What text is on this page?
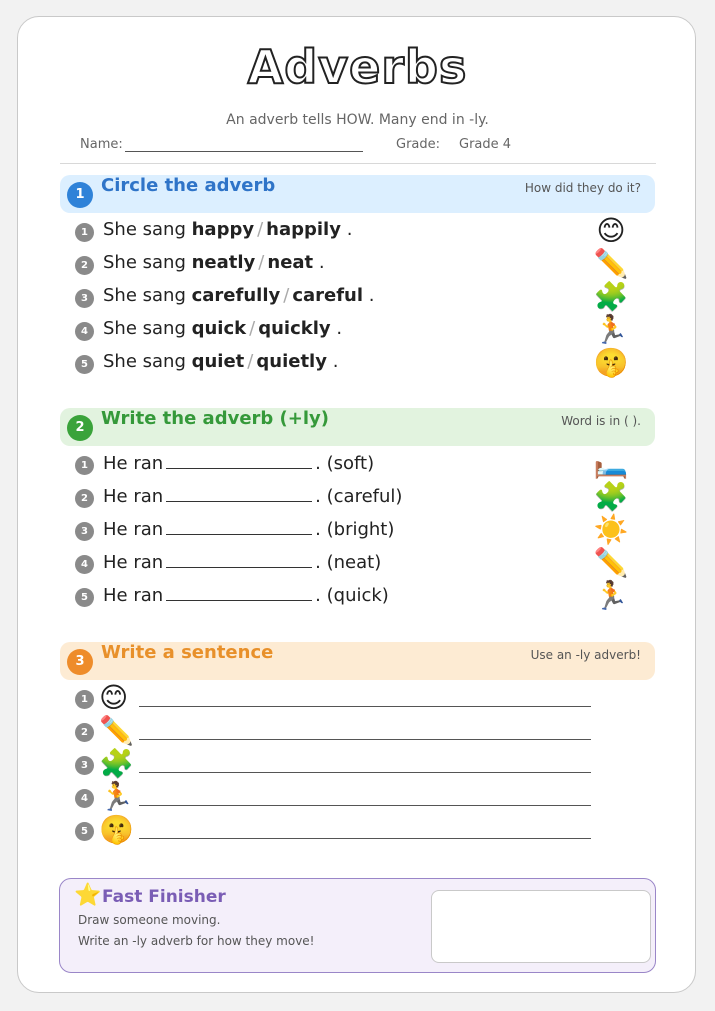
Adverbs
An adverb tells HOW. Many end in -ly.
Name:	Grade: Grade 4
1 Circle the adverb	How did they do it?
1 She sang happy / happily .	😊
2 She sang neatly / neat .	✏️
3 She sang carefully / careful .	🧩
4 She sang quick / quickly .	🏃
5 She sang quiet / quietly .	🤫
2 Write the adverb (+ly)	Word is in ( ).
1 He ran	. (soft)	🛏️
2 He ran	. (careful)	🧩
3 He ran	. (bright)	☀️
4 He ran	. (neat)	✏️
5 He ran	. (quick)	🏃
3 Write a sentence	Use an -ly adverb!
1 😊
2 ✏️
3 🧩
4 🏃
5 🤫
⭐ Fast Finisher
Draw someone moving.
Write an -ly adverb for how they move!
